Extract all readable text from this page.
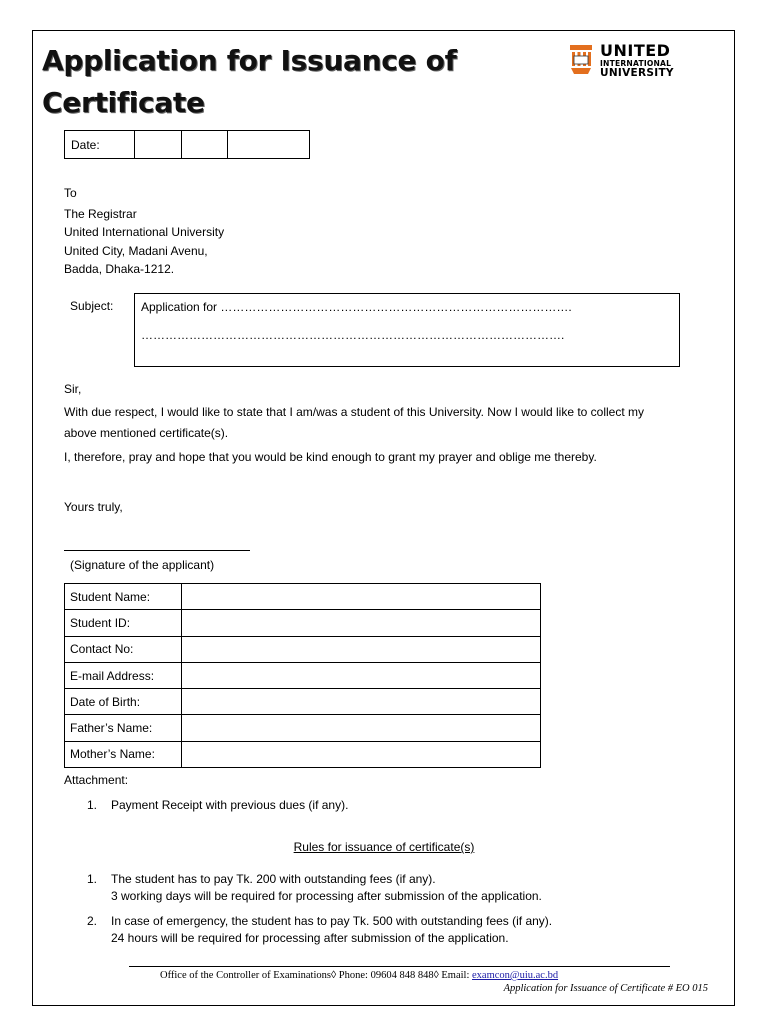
Application for Issuance of
Certificate
UNITED
INTERNATIONAL
UNIVERSITY
Date:			
To
The Registrar
United International University
United City, Madani Avenu,
Badda, Dhaka-1212.
Subject: Application for …………………………………………………………………………….
…………………………………………………………………………………………….
Sir,
With due respect, I would like to state that I am/was a student of this University. Now I would like to collect my
above mentioned certificate(s).
I, therefore, pray and hope that you would be kind enough to grant my prayer and oblige me thereby.
Yours truly,
(Signature of the applicant)
Student Name:	
Student ID:	
Contact No:	
E-mail Address:	
Date of Birth:	
Father’s Name:	
Mother’s Name:	
Attachment:
1. Payment Receipt with previous dues (if any).
Rules for issuance of certificate(s)
1. The student has to pay Tk. 200 with outstanding fees (if any).
3 working days will be required for processing after submission of the application.
2. In case of emergency, the student has to pay Tk. 500 with outstanding fees (if any).
24 hours will be required for processing after submission of the application.
Office of the Controller of Examinations◊ Phone: 09604 848 848◊ Email: examcon@uiu.ac.bd
Application for Issuance of Certificate # EO 015
